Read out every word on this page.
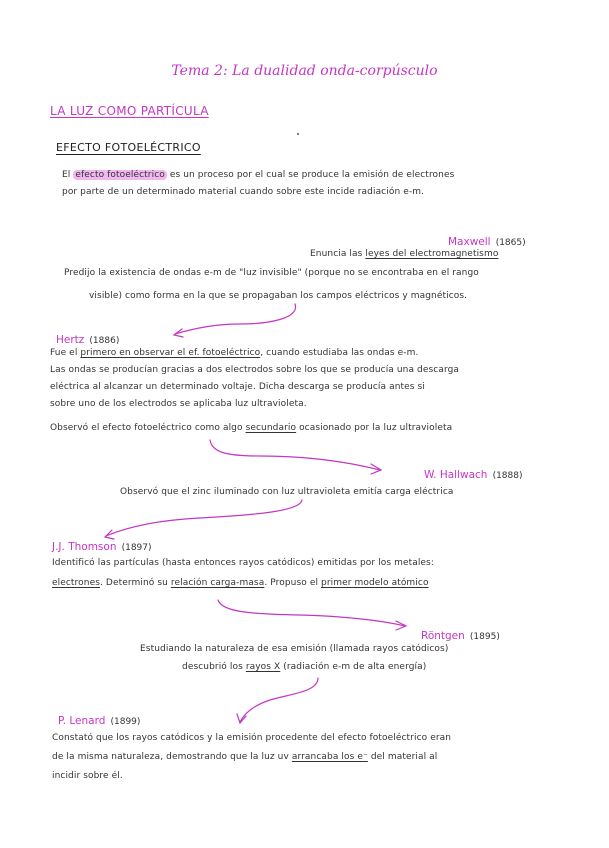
Tema 2: La dualidad onda-corpúsculo
LA LUZ COMO PARTÍCULA
EFECTO FOTOELÉCTRICO
El efecto fotoeléctrico es un proceso por el cual se produce la emisión de electrones
por parte de un determinado material cuando sobre este incide radiación e-m.
Maxwell (1865)
Enuncia las leyes del electromagnetismo
Predijo la existencia de ondas e-m de "luz invisible" (porque no se encontraba en el rango
visible) como forma en la que se propagaban los campos eléctricos y magnéticos.
Hertz (1886)
Fue el primero en observar el ef. fotoeléctrico, cuando estudiaba las ondas e-m.
Las ondas se producían gracias a dos electrodos sobre los que se producía una descarga
eléctrica al alcanzar un determinado voltaje. Dicha descarga se producía antes si
sobre uno de los electrodos se aplicaba luz ultravioleta.
Observó el efecto fotoeléctrico como algo secundario ocasionado por la luz ultravioleta
W. Hallwach (1888)
Observó que el zinc iluminado con luz ultravioleta emitía carga eléctrica
J.J. Thomson (1897)
Identificó las partículas (hasta entonces rayos catódicos) emitidas por los metales:
electrones. Determinó su relación carga-masa. Propuso el primer modelo atómico
Röntgen (1895)
Estudiando la naturaleza de esa emisión (llamada rayos catódicos)
descubrió los rayos X (radiación e-m de alta energía)
P. Lenard (1899)
Constató que los rayos catódicos y la emisión procedente del efecto fotoeléctrico eran
de la misma naturaleza, demostrando que la luz uv arrancaba los e⁻ del material al
incidir sobre él.
